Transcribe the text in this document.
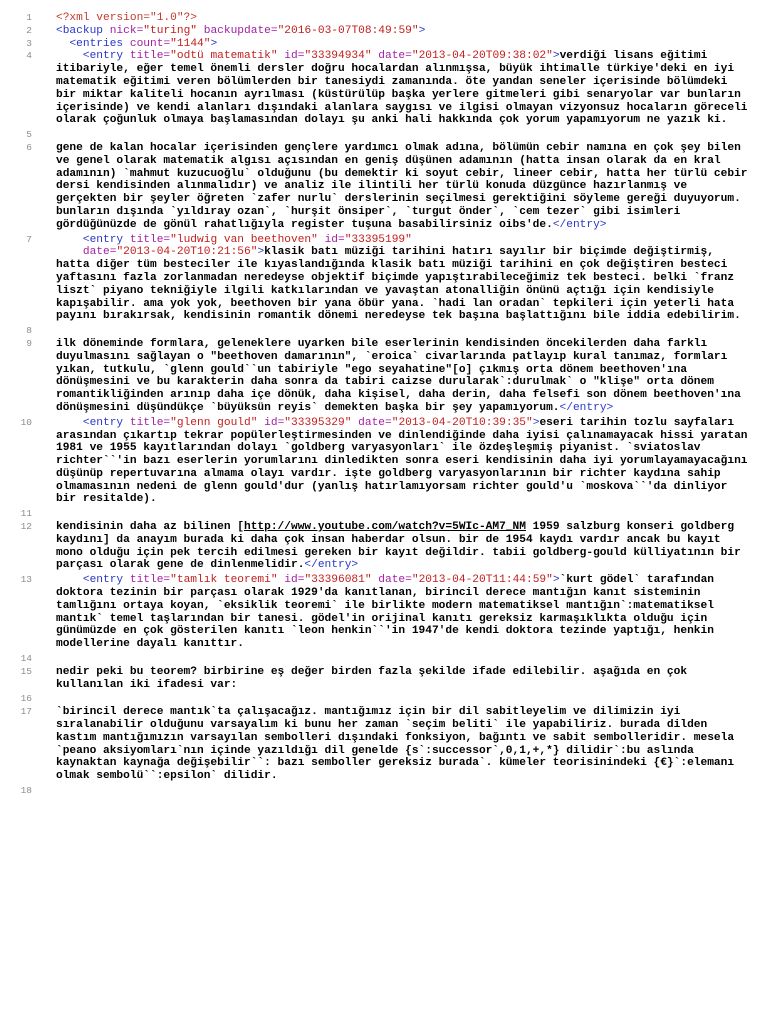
1	<?xml version="1.0"?>
2	<backup nick="turing" backupdate="2016-03-07T08:49:59">
3	<entries count="1144">
4	<entry title="odtü matematik" id="33394934" date="2013-04-20T09:38:02">verdiği lisans eğitimi itibariyle, eğer temel önemli dersler doğru hocalardan alınmışsa, büyük ihtimalle türkiye'deki en iyi matematik eğitimi veren bölümlerden bir tanesiydi zamanında. öte yandan seneler içerisinde bölümdeki bir miktar kaliteli hocanın ayrılması (küstürülüp başka yerlere gitmeleri gibi senaryolar var bunların içerisinde) ve kendi alanları dışındaki alanlara saygısı ve ilgisi olmayan vizyonsuz hocaların göreceli olarak çoğunluk olmaya başlamasından dolayı şu anki hali hakkında çok yorum yapamıyorum ne yazık ki.
5
6	gene de kalan hocalar içerisinden gençlere yardımcı olmak adına, bölümün cebir namına en çok şey bilen ve genel olarak matematik algısı açısından en geniş düşünen adamının (hatta insan olarak da en kral adamının) `mahmut kuzucuoğlu` olduğunu (bu demektir ki soyut cebir, lineer cebir, hatta her türlü cebir dersi kendisinden alınmalıdır) ve analiz ile ilintili her türlü konuda düzgünce hazırlanmış ve gerçekten bir şeyler öğreten `zafer nurlu` derslerinin seçilmesi gerektiğini söyleme gereği duyuyorum. bunların dışında `yıldıray ozan`, `hurşit önsiper`, `turgut önder`, `cem tezer` gibi isimleri gördüğünüzde de gönül rahatlığıyla register tuşuna basabilirsiniz oibs'de.</entry>
7	<entry title="ludwig van beethoven" id="33395199"
date="2013-04-20T10:21:56">klasik batı müziği tarihini hatırı sayılır bir biçimde değiştirmiş, hatta diğer tüm besteciler ile kıyaslandığında klasik batı müziği tarihini en çok değiştiren besteci yaftasını fazla zorlanmadan neredeyse objektif biçimde yapıştırabileceğimiz tek besteci. belki `franz liszt` piyano tekniğiyle ilgili katkılarından ve yavaştan atonalliğin önünü açtığı için kendisiyle kapışabilir. ama yok yok, beethoven bir yana öbür yana. `hadi lan oradan` tepkileri için yeterli hata payını bırakırsak, kendisinin romantik dönemi neredeyse tek başına başlattığını bile iddia edebilirim.
8
9	ilk döneminde formlara, geleneklere uyarken bile eserlerinin kendisinden öncekilerden daha farklı duyulmasını sağlayan o "beethoven damarının", `eroica` civarlarında patlayıp kural tanımaz, formları yıkan, tutkulu, `glenn gould``un tabiriyle "ego seyahatine"[o] çıkmış orta dönem beethoven'ına dönüşmesini ve bu karakterin daha sonra da tabiri caizse durularak`:durulmak` o "klişe" orta dönem romantikliğinden arınıp daha içe dönük, daha kişisel, daha derin, daha felsefi son dönem beethoven'ına dönüşmesini düşündükçe `büyüksün reyis` demekten başka bir şey yapamıyorum.</entry>
10	<entry title="glenn gould" id="33395329" date="2013-04-20T10:39:35">eseri tarihin tozlu sayfaları arasından çıkartıp tekrar popülerleştirmesinden ve dinlendiğinde daha iyisi çalınamayacak hissi yaratan 1981 ve 1955 kayıtlarından dolayı `goldberg varyasyonları` ile özdeşleşmiş piyanist. `sviatoslav richter``'in bazı eserlerin yorumlarını dinledikten sonra eseri kendisinin daha iyi yorumlayamayacağını düşünüp repertuvarına almama olayı vardır. işte goldberg varyasyonlarının bir richter kaydına sahip olmamasının nedeni de glenn gould'dur (yanlış hatırlamıyorsam richter gould'u `moskova``'da dinliyor bir resitalde).
11
12	kendisinin daha az bilinen [http://www.youtube.com/watch?v=5WIc-AM7_NM 1959 salzburg konseri goldberg kaydını] da anayım burada ki daha çok insan haberdar olsun. bir de 1954 kaydı vardır ancak bu kayıt mono olduğu için pek tercih edilmesi gereken bir kayıt değildir. tabii goldberg-gould külliyatının bir parçası olarak gene de dinlenmelidir.</entry>
13	<entry title="tamlık teoremi" id="33396081" date="2013-04-20T11:44:59">`kurt gödel` tarafından doktora tezinin bir parçası olarak 1929'da kanıtlanan, birincil derece mantığın kanıt sisteminin tamlığını ortaya koyan, `eksiklik teoremi` ile birlikte modern matematiksel mantığın`:matematiksel mantık` temel taşlarından bir tanesi. gödel'in orijinal kanıtı gereksiz karmaşıklıkta olduğu için günümüzde en çok gösterilen kanıtı `leon henkin``'in 1947'de kendi doktora tezinde yaptığı, henkin modellerine dayalı kanıttır.
14
15	nedir peki bu teorem? birbirine eş değer birden fazla şekilde ifade edilebilir. aşağıda en çok kullanılan iki ifadesi var:
16
17	`birincil derece mantık`ta çalışacağız. mantığımız için bir dil sabitleyelim ve dilimizin iyi sıralanabilir olduğunu varsayalım ki bunu her zaman `seçim beliti` ile yapabiliriz. burada dilden kastım mantığımızın varsayılan sembolleri dışındaki fonksiyon, bağıntı ve sabit sembolleridir. mesela `peano aksiyomları`nın içinde yazıldığı dil genelde {s`:successor`,0,1,+,*} dilidir`:bu aslında kaynaktan kaynağa değişebilir``: bazı semboller gereksiz burada`. kümeler teorisinindeki {€}`:elemanı olmak sembolü``:epsilon` dilidir.
18
